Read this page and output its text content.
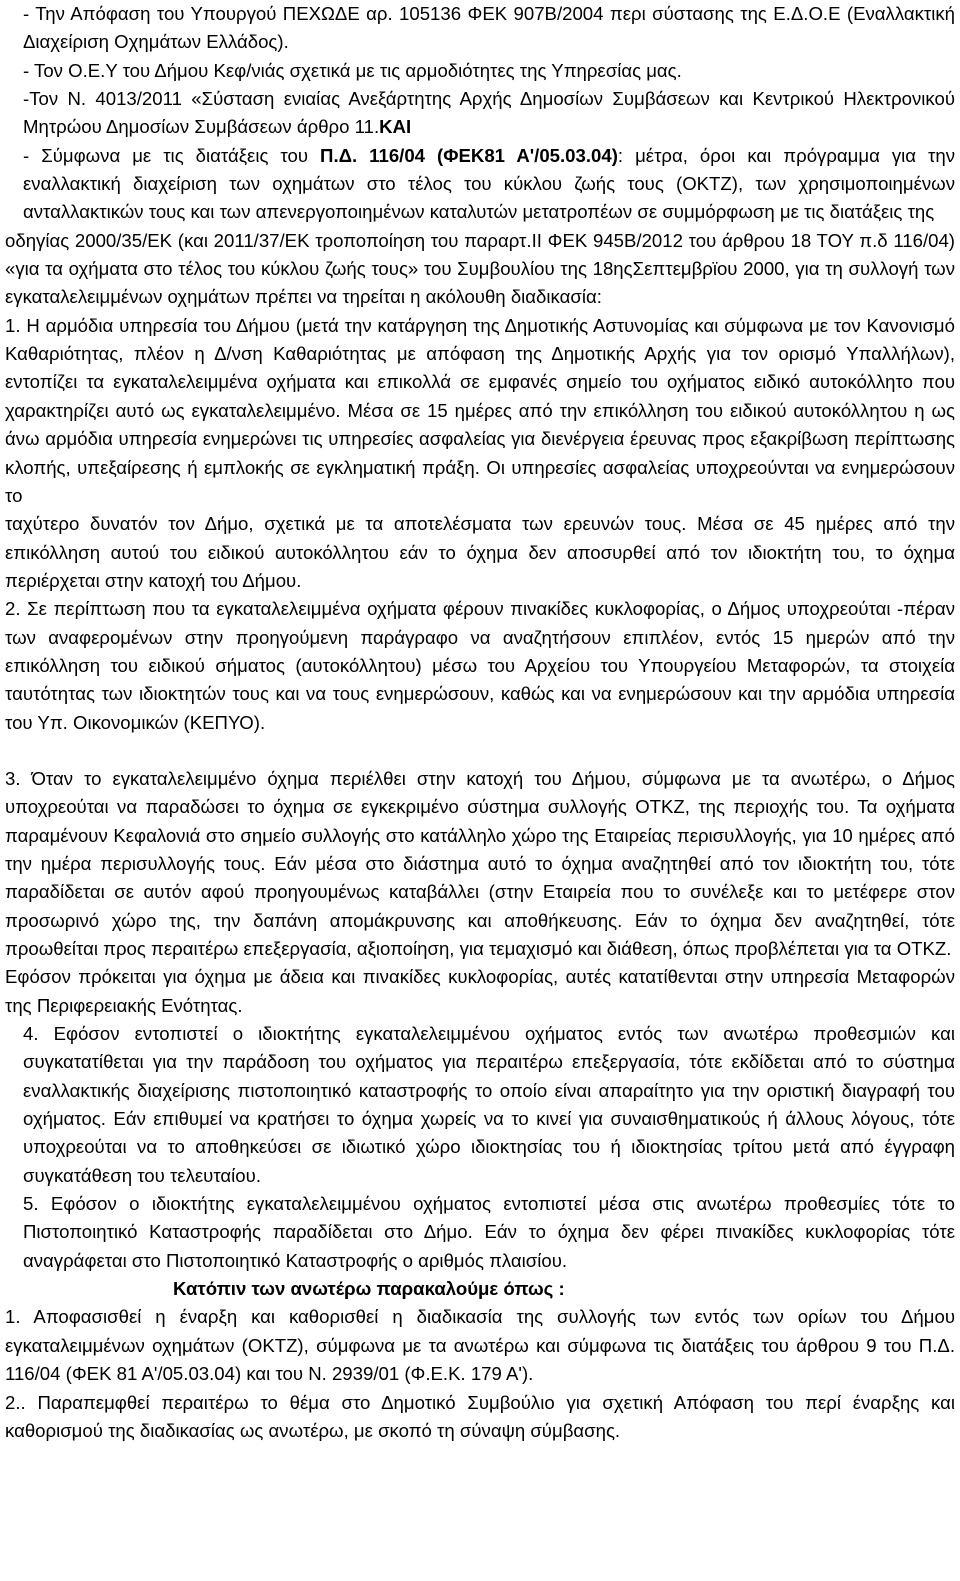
- Την Απόφαση του Υπουργού ΠΕΧΩΔΕ αρ. 105136 ΦΕΚ 907Β/2004 περι σύστασης της Ε.Δ.Ο.Ε (Εναλλακτική Διαχείριση Οχημάτων Ελλάδος).

- Τον Ο.Ε.Υ του Δήμου Κεφ/νιάς σχετικά με τις αρμοδιότητες της Υπηρεσίας μας.

-Τον Ν. 4013/2011 «Σύσταση ενιαίας Ανεξάρτητης Αρχής Δημοσίων Συμβάσεων και Κεντρικού Ηλεκτρονικού Μητρώου Δημοσίων Συμβάσεων άρθρο 11.ΚΑΙ

- Σύμφωνα με τις διατάξεις του Π.Δ. 116/04 (ΦΕΚ81 Α'/05.03.04): μέτρα, όροι και πρόγραμμα για την εναλλακτική διαχείριση των οχημάτων στο τέλος του κύκλου ζωής τους (ΟΚΤΖ), των χρησιμοποιημένων ανταλλακτικών τους και των απενεργοποιημένων καταλυτών μετατροπέων σε συμμόρφωση με τις διατάξεις της

οδηγίας 2000/35/ΕΚ (και 2011/37/ΕΚ τροποποίηση του παραρτ.ΙΙ ΦΕΚ 945Β/2012 του άρθρου 18 ΤΟΥ π.δ 116/04) «για τα οχήματα στο τέλος του κύκλου ζωής τους» του Συμβουλίου της 18ηςΣεπτεμβρϊου 2000, για τη συλλογή των εγκαταλελειμμένων οχημάτων πρέπει να τηρείται η ακόλουθη διαδικασία:

1. Η αρμόδια υπηρεσία του Δήμου (μετά την κατάργηση της Δημοτικής Αστυνομίας και σύμφωνα με τον Κανονισμό Καθαριότητας, πλέον η Δ/νση Καθαριότητας με απόφαση της Δημοτικής Αρχής για τον ορισμό Υπαλλήλων), εντοπίζει τα εγκαταλελειμμένα οχήματα και επικολλά σε εμφανές σημείο του οχήματος ειδικό αυτοκόλλητο που χαρακτηρίζει αυτό ως εγκαταλελειμμένο. Μέσα σε 15 ημέρες από την επικόλληση του ειδικού αυτοκόλλητου η ως άνω αρμόδια υπηρεσία ενημερώνει τις υπηρεσίες ασφαλείας για διενέργεια έρευνας προς εξακρίβωση περίπτωσης κλοπής, υπεξαίρεσης ή εμπλοκής σε εγκληματική πράξη. Οι υπηρεσίες ασφαλείας υποχρεούνται να ενημερώσουν το

ταχύτερο δυνατόν τον Δήμο, σχετικά με τα αποτελέσματα των ερευνών τους. Μέσα σε 45 ημέρες από την επικόλληση αυτού του ειδικού αυτοκόλλητου εάν το όχημα δεν αποσυρθεί από τον ιδιοκτήτη του, το όχημα περιέρχεται στην κατοχή του Δήμου.

2. Σε περίπτωση που τα εγκαταλελειμμένα οχήματα φέρουν πινακίδες κυκλοφορίας, ο Δήμος υποχρεούται -πέραν των αναφερομένων στην προηγούμενη παράγραφο να αναζητήσουν επιπλέον, εντός 15 ημερών από την επικόλληση του ειδικού σήματος (αυτοκόλλητου) μέσω του Αρχείου του Υπουργείου Μεταφορών, τα στοιχεία ταυτότητας των ιδιοκτητών τους και να τους ενημερώσουν, καθώς και να ενημερώσουν και την αρμόδια υπηρεσία του Υπ. Οικονομικών (ΚΕΠΥΟ).

3. Όταν το εγκαταλελειμμένο όχημα περιέλθει στην κατοχή του Δήμου, σύμφωνα με τα ανωτέρω, ο Δήμος υποχρεούται να παραδώσει το όχημα σε εγκεκριμένο σύστημα συλλογής ΟΤΚΖ, της περιοχής του. Τα οχήματα παραμένουν Κεφαλονιά στο σημείο συλλογής στο κατάλληλο χώρο της Εταιρείας περισυλλογής, για 10 ημέρες από την ημέρα περισυλλογής τους. Εάν μέσα στο διάστημα αυτό το όχημα αναζητηθεί από τον ιδιοκτήτη του, τότε παραδίδεται σε αυτόν αφού προηγουμένως καταβάλλει (στην Εταιρεία που το συνέλεξε και το μετέφερε στον προσωρινό χώρο της, την δαπάνη απομάκρυνσης και αποθήκευσης. Εάν το όχημα δεν αναζητηθεί, τότε προωθείται προς περαιτέρω επεξεργασία, αξιοποίηση, για τεμαχισμό και διάθεση, όπως προβλέπεται για τα ΟΤΚΖ.

Εφόσον πρόκειται για όχημα με άδεια και πινακίδες κυκλοφορίας, αυτές κατατίθενται στην υπηρεσία Μεταφορών της Περιφερειακής Ενότητας.

4. Εφόσον εντοπιστεί ο ιδιοκτήτης εγκαταλελειμμένου οχήματος εντός των ανωτέρω προθεσμιών και συγκατατίθεται για την παράδοση του οχήματος για περαιτέρω επεξεργασία, τότε εκδίδεται από το σύστημα εναλλακτικής διαχείρισης πιστοποιητικό καταστροφής το οποίο είναι απαραίτητο για την οριστική διαγραφή του οχήματος. Εάν επιθυμεί να κρατήσει το όχημα χωρείς να το κινεί για συναισθηματικούς ή άλλους λόγους, τότε υποχρεούται να το αποθηκεύσει σε ιδιωτικό χώρο ιδιοκτησίας του ή ιδιοκτησίας τρίτου μετά από έγγραφη συγκατάθεση του τελευταίου.

5. Εφόσον ο ιδιοκτήτης εγκαταλελειμμένου οχήματος εντοπιστεί μέσα στις ανωτέρω προθεσμίες τότε το Πιστοποιητικό Καταστροφής παραδίδεται στο Δήμο. Εάν το όχημα δεν φέρει πινακίδες κυκλοφορίας τότε αναγράφεται στο Πιστοποιητικό Καταστροφής ο αριθμός πλαισίου.

Κατόπιν των ανωτέρω παρακαλούμε όπως :

1. Αποφασισθεί η έναρξη και καθορισθεί η διαδικασία της συλλογής των εντός των ορίων του Δήμου εγκαταλειμμένων οχημάτων (ΟΚΤΖ), σύμφωνα με τα ανωτέρω και σύμφωνα τις διατάξεις του άρθρου 9 του Π.Δ. 116/04 (ΦΕΚ 81 Α'/05.03.04) και του Ν. 2939/01 (Φ.Ε.Κ. 179 Α').

2.. Παραπεμφθεί περαιτέρω το θέμα στο Δημοτικό Συμβούλιο για σχετική Απόφαση του περί έναρξης και καθορισμού της διαδικασίας ως ανωτέρω, με σκοπό τη σύναψη σύμβασης.
